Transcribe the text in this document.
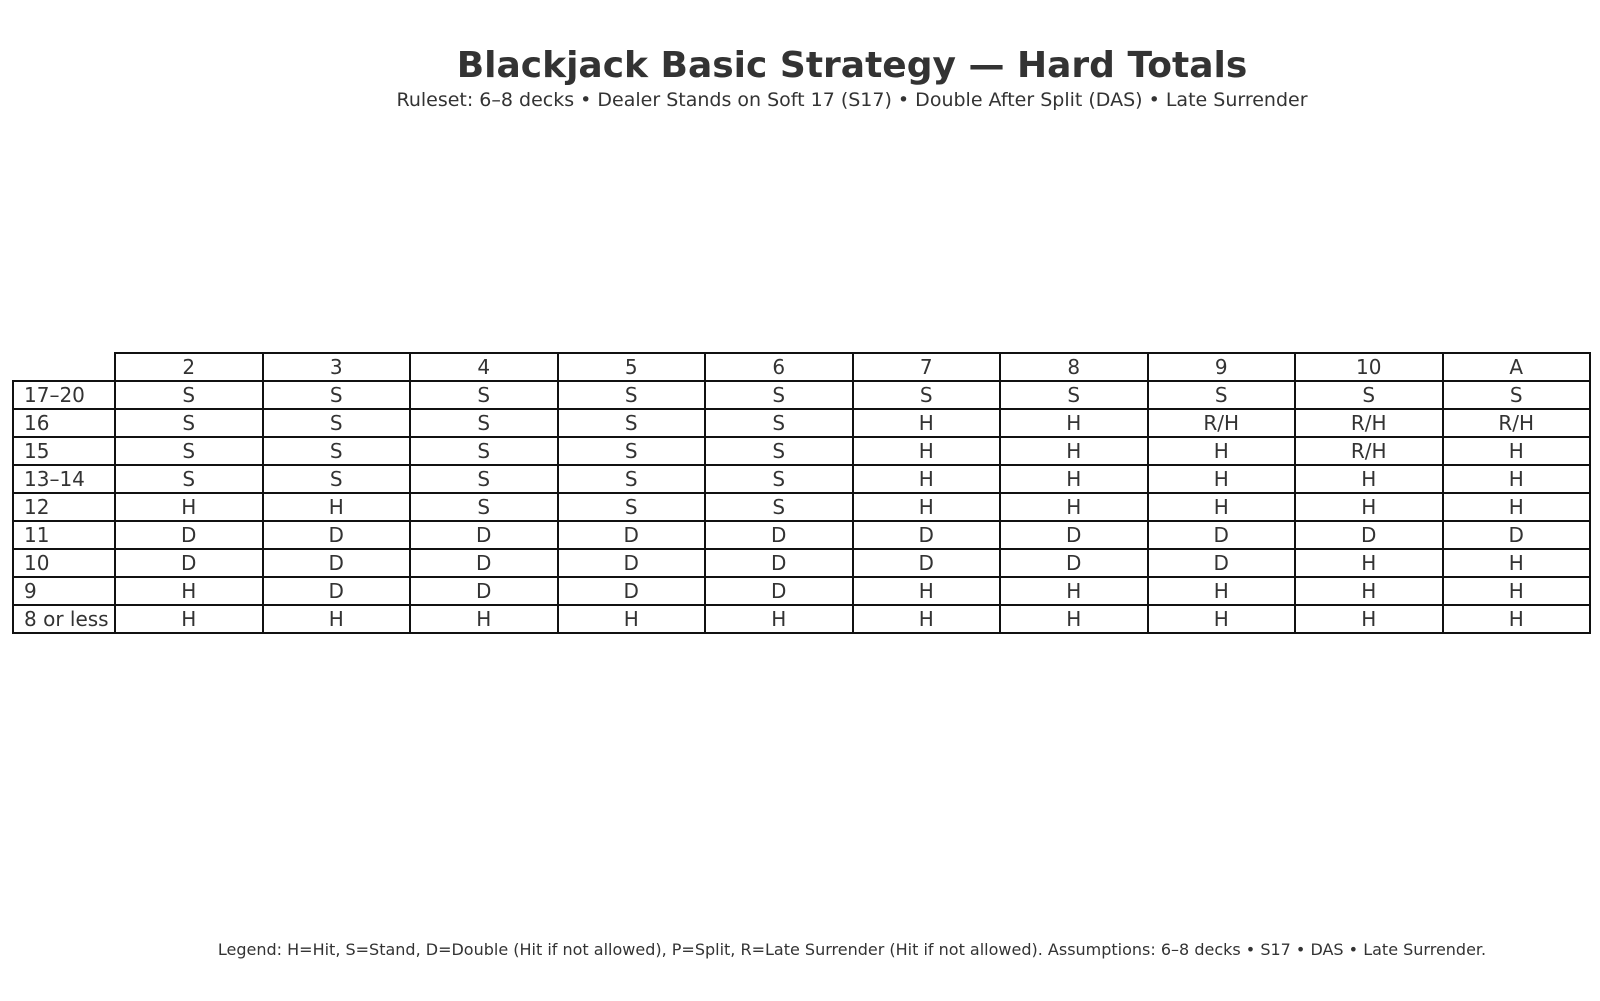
Blackjack Basic Strategy — Hard Totals
Ruleset: 6–8 decks • Dealer Stands on Soft 17 (S17) • Double After Split (DAS) • Late Surrender
	2	3	4	5	6	7	8	9	10	A
17–20	S	S	S	S	S	S	S	S	S	S
16	S	S	S	S	S	H	H	R/H	R/H	R/H
15	S	S	S	S	S	H	H	H	R/H	H
13–14	S	S	S	S	S	H	H	H	H	H
12	H	H	S	S	S	H	H	H	H	H
11	D	D	D	D	D	D	D	D	D	D
10	D	D	D	D	D	D	D	D	H	H
9	H	D	D	D	D	H	H	H	H	H
8 or less	H	H	H	H	H	H	H	H	H	H
Legend: H=Hit, S=Stand, D=Double (Hit if not allowed), P=Split, R=Late Surrender (Hit if not allowed). Assumptions: 6–8 decks • S17 • DAS • Late Surrender.
